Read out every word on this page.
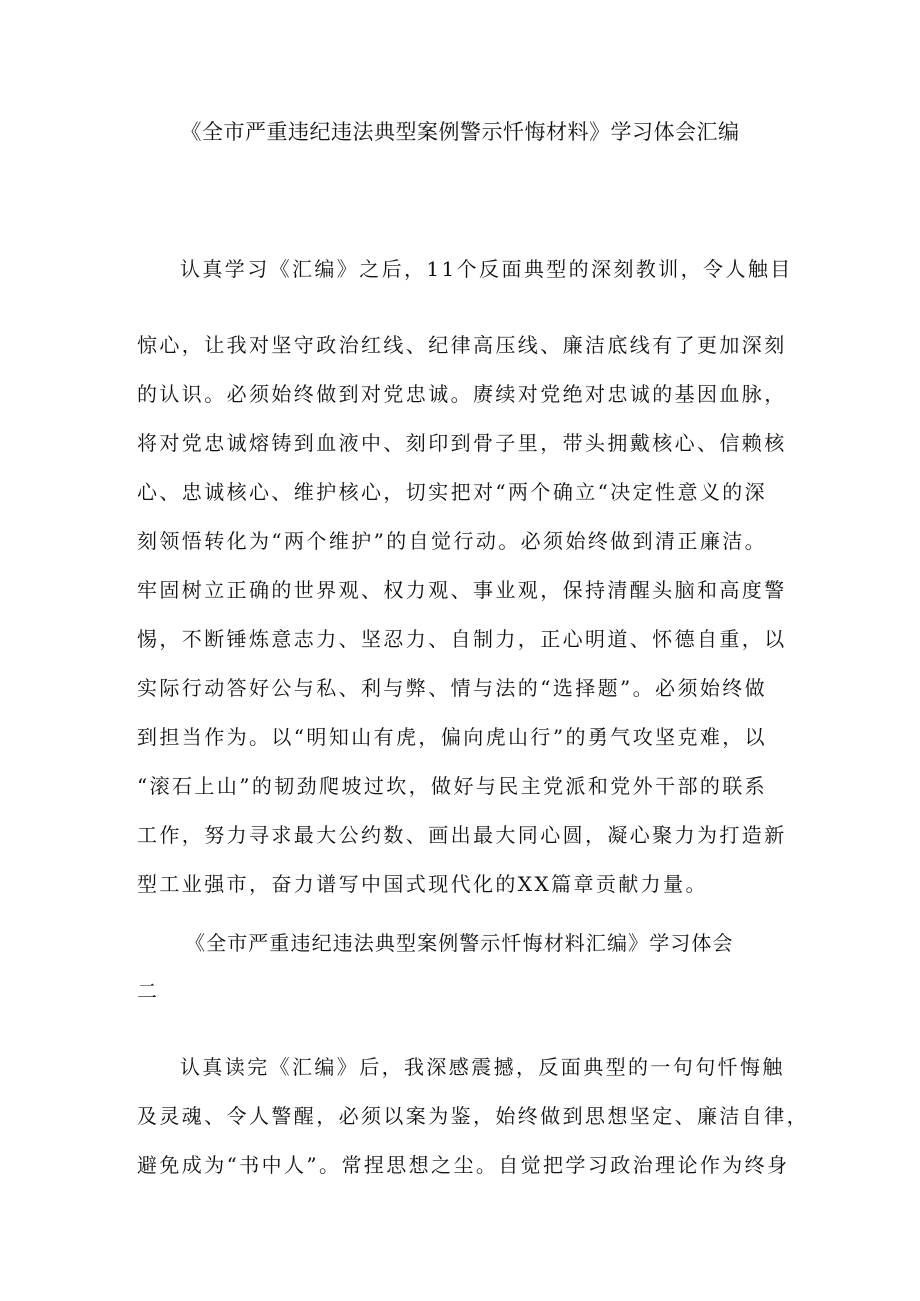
《全市严重违纪违法典型案例警示忏悔材料》学习体会汇编
认真学习《汇编》之后，11个反面典型的深刻教训，令人触目
惊心，让我对坚守政治红线、纪律高压线、廉洁底线有了更加深刻
的认识。必须始终做到对党忠诚。赓续对党绝对忠诚的基因血脉，
将对党忠诚熔铸到血液中、刻印到骨子里，带头拥戴核心、信赖核
心、忠诚核心、维护核心，切实把对“两个确立“决定性意义的深
刻领悟转化为“两个维护”的自觉行动。必须始终做到清正廉洁。
牢固树立正确的世界观、权力观、事业观，保持清醒头脑和高度警
惕，不断锤炼意志力、坚忍力、自制力，正心明道、怀德自重，以
实际行动答好公与私、利与弊、情与法的“选择题”。必须始终做
到担当作为。以“明知山有虎，偏向虎山行”的勇气攻坚克难，以
“滚石上山”的韧劲爬坡过坎，做好与民主党派和党外干部的联系
工作，努力寻求最大公约数、画出最大同心圆，凝心聚力为打造新
型工业强市，奋力谱写中国式现代化的XX篇章贡献力量。
《全市严重违纪违法典型案例警示忏悔材料汇编》学习体会
二
认真读完《汇编》后，我深感震撼，反面典型的一句句忏悔触
及灵魂、令人警醒，必须以案为鉴，始终做到思想坚定、廉洁自律，
避免成为“书中人”。常捏思想之尘。自觉把学习政治理论作为终身
